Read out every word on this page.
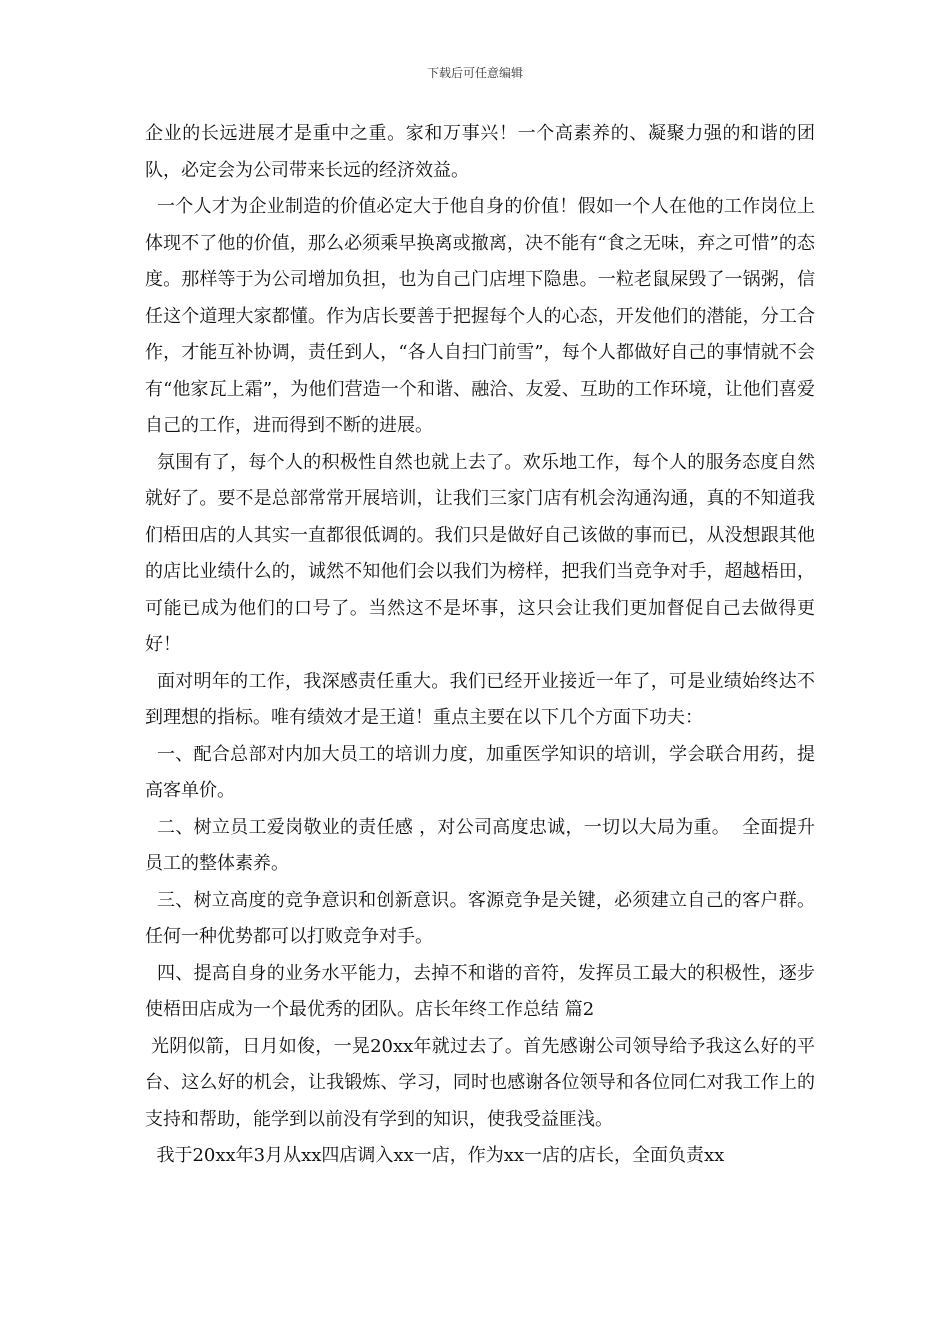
下载后可任意编辑

企业的长远进展才是重中之重。家和万事兴！一个高素养的、凝聚力强的和谐的团队，必定会为公司带来长远的经济效益。

一个人才为企业制造的价值必定大于他自身的价值！假如一个人在他的工作岗位上体现不了他的价值，那么必须乘早换离或撤离，决不能有“食之无味，弃之可惜”的态度。那样等于为公司增加负担，也为自己门店埋下隐患。一粒老鼠屎毁了一锅粥，信任这个道理大家都懂。作为店长要善于把握每个人的心态，开发他们的潜能，分工合作，才能互补协调，责任到人，“各人自扫门前雪”，每个人都做好自己的事情就不会有“他家瓦上霜”，为他们营造一个和谐、融洽、友爱、互助的工作环境，让他们喜爱自己的工作，进而得到不断的进展。

氛围有了，每个人的积极性自然也就上去了。欢乐地工作，每个人的服务态度自然就好了。要不是总部常常开展培训，让我们三家门店有机会沟通沟通，真的不知道我们梧田店的人其实一直都很低调的。我们只是做好自己该做的事而已，从没想跟其他的店比业绩什么的，诚然不知他们会以我们为榜样，把我们当竞争对手，超越梧田，可能已成为他们的口号了。当然这不是坏事，这只会让我们更加督促自己去做得更好！

面对明年的工作，我深感责任重大。我们已经开业接近一年了，可是业绩始终达不到理想的指标。唯有绩效才是王道！重点主要在以下几个方面下功夫：

一、配合总部对内加大员工的培训力度，加重医学知识的培训，学会联合用药，提高客单价。

二、树立员工爱岗敬业的责任感 ，对公司高度忠诚，一切以大局为重。  全面提升员工的整体素养。

三、树立高度的竞争意识和创新意识。客源竞争是关键，必须建立自己的客户群。任何一种优势都可以打败竞争对手。

四、提高自身的业务水平能力，去掉不和谐的音符，发挥员工最大的积极性，逐步使梧田店成为一个最优秀的团队。店长年终工作总结 篇2

光阴似箭，日月如俊，一晃20xx年就过去了。首先感谢公司领导给予我这么好的平台、这么好的机会，让我锻炼、学习，同时也感谢各位领导和各位同仁对我工作上的支持和帮助，能学到以前没有学到的知识，使我受益匪浅。

我于20xx年3月从xx四店调入xx一店，作为xx一店的店长，全面负责xx
